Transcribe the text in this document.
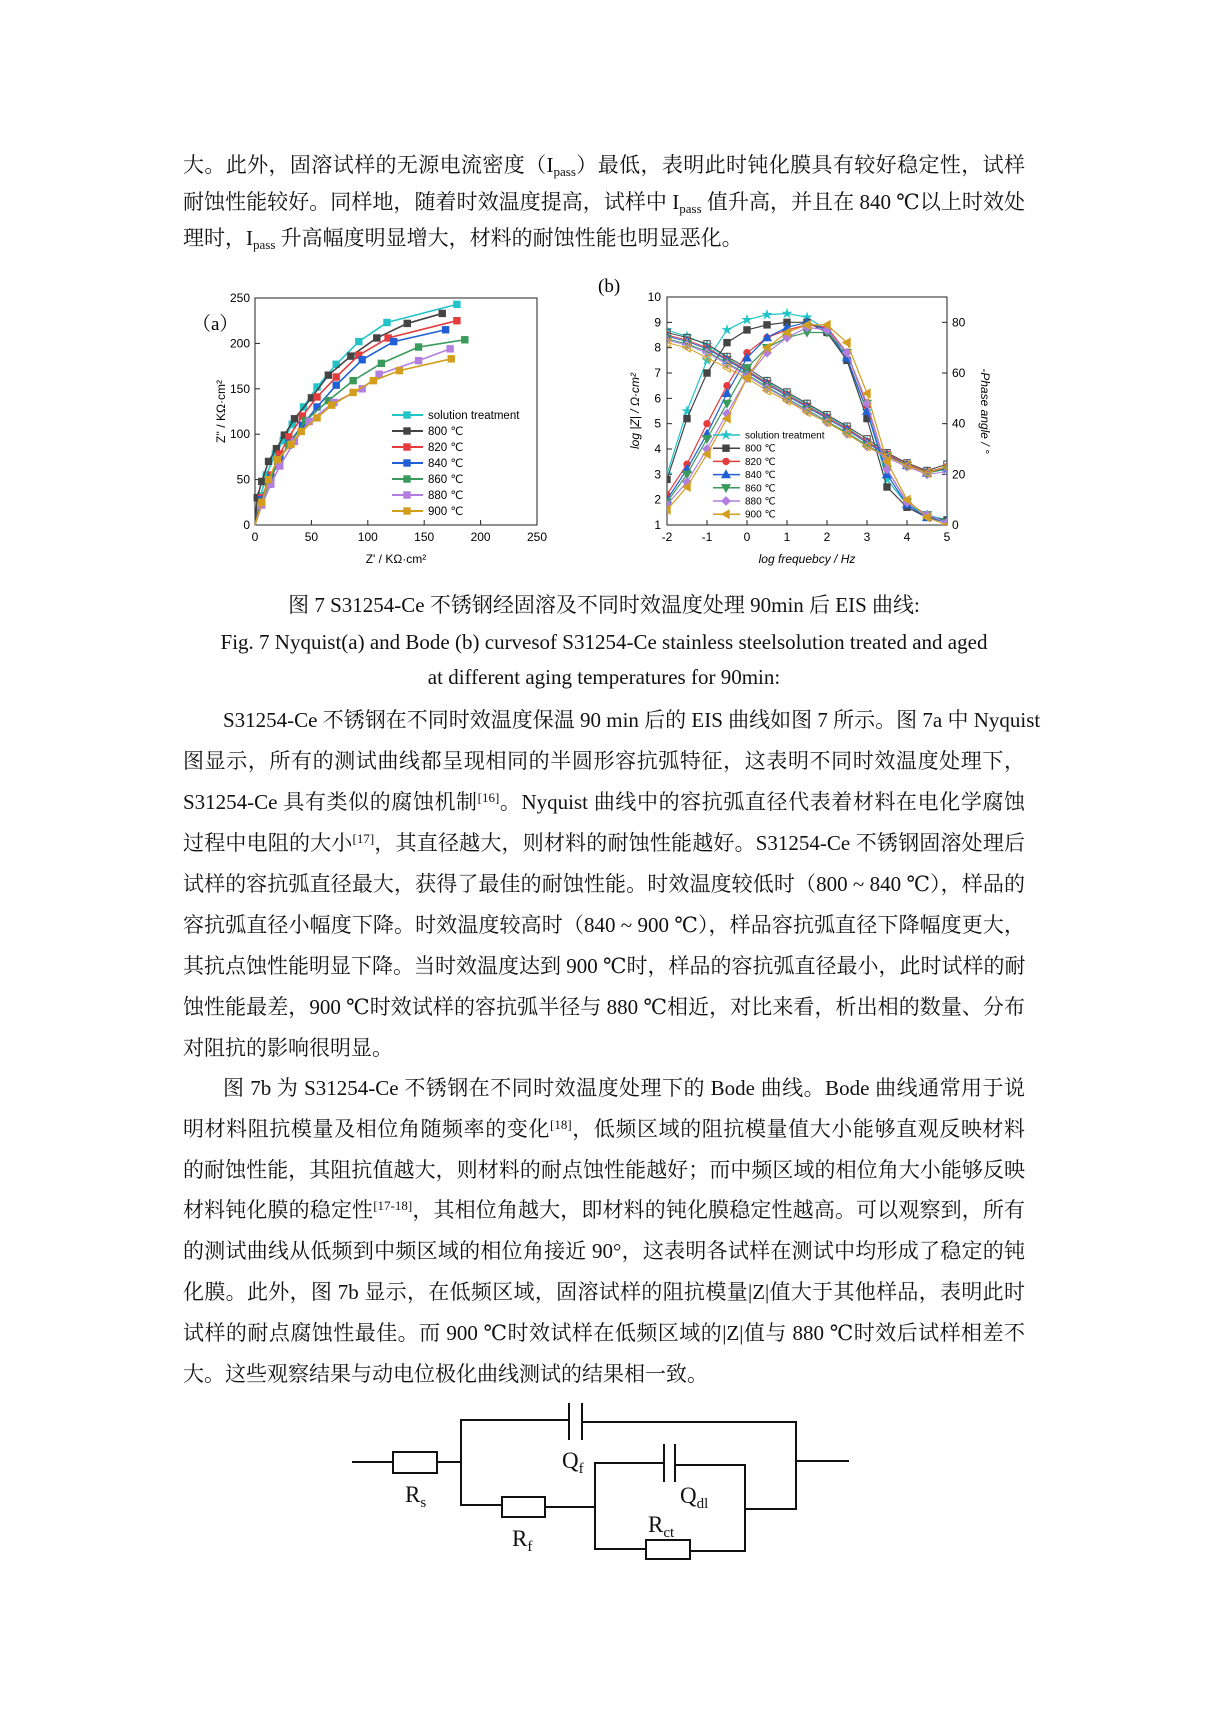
大。此外，固溶试样的无源电流密度$(I_{pass})$最低，表明此时钝化膜具有较好稳定性，试样
耐蚀性能较好。同样地，随着时效温度提高，试样中 $I_{pass}$ 值升高，并且在 840 ℃以上时效处
理时，$I_{pass}$ 升高幅度明显增大，材料的耐蚀性能也明显恶化。
（a）
(b)
0	50	100	150	200	250
0
50
100
150
200
250
Z' / KΩ·cm²
Z'' / KΩ·cm²	solution treatment
800 ℃
820 ℃
840 ℃
860 ℃
880 ℃
900 ℃
-2 -1	0	1	2	3	4	5
1
2
3
4
5
6
7
8
9
10
0
20
40
60
80
log frequebcy / Hz
log |Z| / Ω·cm²	-Phase angle / °
solution treatment
800 ℃
820 ℃
840 ℃
860 ℃
880 ℃
900 ℃
图 7 S31254-Ce 不锈钢经固溶及不同时效温度处理 90min 后 EIS 曲线:
Fig. 7 Nyquist(a) and Bode (b) curvesof S31254-Ce stainless steelsolution treated and aged
at different aging temperatures for 90min:
S31254-Ce 不锈钢在不同时效温度保温 90 min 后的 EIS 曲线如图 7 所示。图 7a 中 Nyquist
图显示，所有的测试曲线都呈现相同的半圆形容抗弧特征，这表明不同时效温度处理下，
S31254-Ce 具有类似的腐蚀机制[16]。Nyquist 曲线中的容抗弧直径代表着材料在电化学腐蚀
过程中电阻的大小[17]，其直径越大，则材料的耐蚀性能越好。S31254-Ce 不锈钢固溶处理后
试样的容抗弧直径最大，获得了最佳的耐蚀性能。时效温度较低时（800 ~ 840 ℃），样品的
容抗弧直径小幅度下降。时效温度较高时（840 ~ 900 ℃），样品容抗弧直径下降幅度更大，
其抗点蚀性能明显下降。当时效温度达到 900 ℃时，样品的容抗弧直径最小，此时试样的耐
蚀性能最差，900 ℃时效试样的容抗弧半径与 880 ℃相近，对比来看，析出相的数量、分布
对阻抗的影响很明显。
图 7b 为 S31254-Ce 不锈钢在不同时效温度处理下的 Bode 曲线。Bode 曲线通常用于说
明材料阻抗模量及相位角随频率的变化[18]，低频区域的阻抗模量值大小能够直观反映材料
的耐蚀性能，其阻抗值越大，则材料的耐点蚀性能越好；而中频区域的相位角大小能够反映
材料钝化膜的稳定性[17-18]，其相位角越大，即材料的钝化膜稳定性越高。可以观察到，所有
的测试曲线从低频到中频区域的相位角接近 90°，这表明各试样在测试中均形成了稳定的钝
化膜。此外，图 7b 显示，在低频区域，固溶试样的阻抗模量|Z|值大于其他样品，表明此时
试样的耐点腐蚀性最佳。而 900 ℃时效试样在低频区域的|Z|值与 880 ℃时效后试样相差不
大。这些观察结果与动电位极化曲线测试的结果相一致。
$R_s$
$Q_f$
$Q_{dl}$
$R_{ct}$
$R_f$
